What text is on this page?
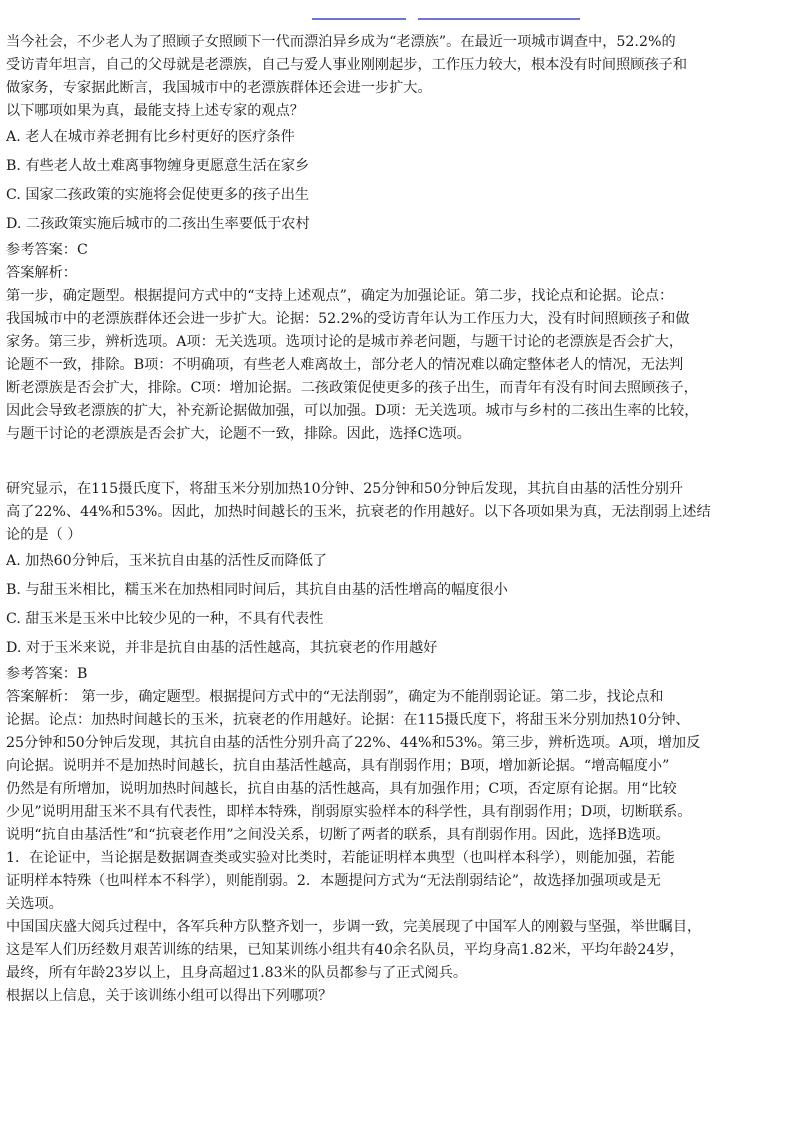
当今社会，不少老人为了照顾子女照顾下一代而漂泊异乡成为“老漂族”。在最近一项城市调查中，52.2%的
受访青年坦言，自己的父母就是老漂族，自己与爱人事业刚刚起步，工作压力较大，根本没有时间照顾孩子和
做家务，专家据此断言，我国城市中的老漂族群体还会进一步扩大。
以下哪项如果为真，最能支持上述专家的观点？
A. 老人在城市养老拥有比乡村更好的医疗条件
B. 有些老人故土难离事物缠身更愿意生活在家乡
C. 国家二孩政策的实施将会促使更多的孩子出生
D. 二孩政策实施后城市的二孩出生率要低于农村
参考答案：C
答案解析：
第一步，确定题型。根据提问方式中的“支持上述观点”，确定为加强论证。第二步，找论点和论据。论点：
我国城市中的老漂族群体还会进一步扩大。论据：52.2%的受访青年认为工作压力大，没有时间照顾孩子和做
家务。第三步，辨析选项。A项：无关选项。选项讨论的是城市养老问题，与题干讨论的老漂族是否会扩大，
论题不一致，排除。B项：不明确项，有些老人难离故土，部分老人的情况难以确定整体老人的情况，无法判
断老漂族是否会扩大，排除。C项：增加论据。二孩政策促使更多的孩子出生，而青年有没有时间去照顾孩子，
因此会导致老漂族的扩大，补充新论据做加强，可以加强。D项：无关选项。城市与乡村的二孩出生率的比较，
与题干讨论的老漂族是否会扩大，论题不一致，排除。因此，选择C选项。
研究显示，在115摄氏度下，将甜玉米分别加热10分钟、25分钟和50分钟后发现，其抗自由基的活性分别升
高了22%、44%和53%。因此，加热时间越长的玉米，抗衰老的作用越好。以下各项如果为真，无法削弱上述结
论的是（ ）
A. 加热60分钟后，玉米抗自由基的活性反而降低了
B. 与甜玉米相比，糯玉米在加热相同时间后，其抗自由基的活性增高的幅度很小
C. 甜玉米是玉米中比较少见的一种，不具有代表性
D. 对于玉米来说，并非是抗自由基的活性越高，其抗衰老的作用越好
参考答案：B
答案解析： 第一步，确定题型。根据提问方式中的“无法削弱”，确定为不能削弱论证。第二步，找论点和
论据。论点：加热时间越长的玉米，抗衰老的作用越好。论据：在115摄氏度下，将甜玉米分别加热10分钟、
25分钟和50分钟后发现，其抗自由基的活性分别升高了22%、44%和53%。第三步，辨析选项。A项，增加反
向论据。说明并不是加热时间越长，抗自由基活性越高，具有削弱作用；B项，增加新论据。“增高幅度小”
仍然是有所增加，说明加热时间越长，抗自由基的活性越高，具有加强作用；C项，否定原有论据。用“比较
少见”说明用甜玉米不具有代表性，即样本特殊，削弱原实验样本的科学性，具有削弱作用；D项，切断联系。
说明“抗自由基活性”和“抗衰老作用”之间没关系，切断了两者的联系，具有削弱作用。因此，选择B选项。
1．在论证中，当论据是数据调查类或实验对比类时，若能证明样本典型（也叫样本科学），则能加强，若能
证明样本特殊（也叫样本不科学），则能削弱。2．本题提问方式为“无法削弱结论”，故选择加强项或是无
关选项。
中国国庆盛大阅兵过程中，各军兵种方队整齐划一，步调一致，完美展现了中国军人的刚毅与坚强，举世瞩目，
这是军人们历经数月艰苦训练的结果，已知某训练小组共有40余名队员，平均身高1.82米，平均年龄24岁，
最终，所有年龄23岁以上，且身高超过1.83米的队员都参与了正式阅兵。
根据以上信息，关于该训练小组可以得出下列哪项？
